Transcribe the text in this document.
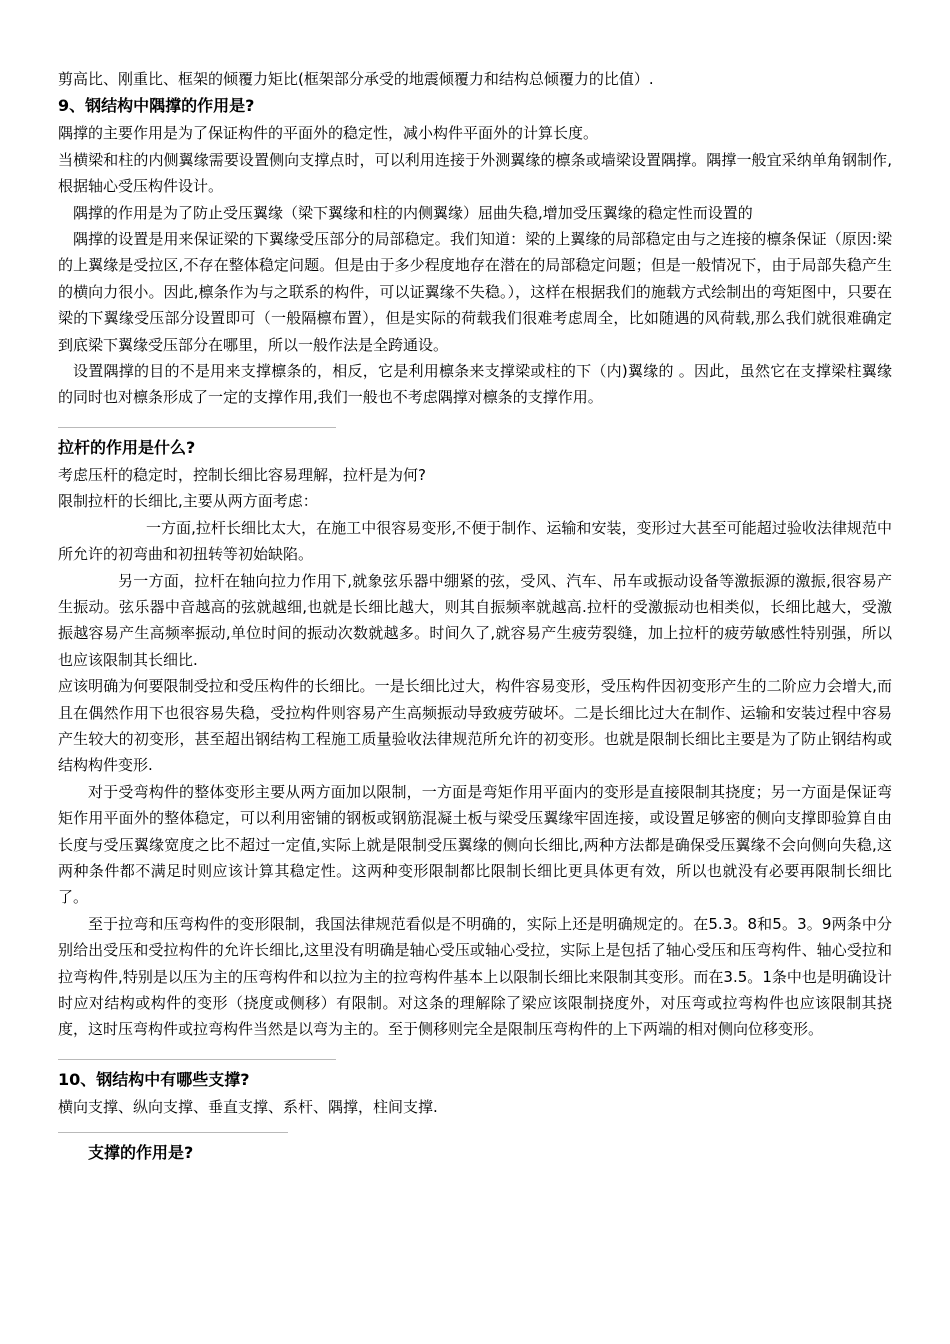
剪高比、刚重比、框架的倾覆力矩比(框架部分承受的地震倾覆力和结构总倾覆力的比值）.

9、钢结构中隅撑的作用是?

隅撑的主要作用是为了保证构件的平面外的稳定性，减小构件平面外的计算长度。

当横梁和柱的内侧翼缘需要设置侧向支撑点时，可以利用连接于外测翼缘的檩条或墙梁设置隅撑。隅撑一般宜采纳单角钢制作,根据轴心受压构件设计。

隅撑的作用是为了防止受压翼缘（梁下翼缘和柱的内侧翼缘）屈曲失稳,增加受压翼缘的稳定性而设置的

隅撑的设置是用来保证梁的下翼缘受压部分的局部稳定。我们知道：梁的上翼缘的局部稳定由与之连接的檩条保证（原因:梁的上翼缘是受拉区,不存在整体稳定问题。但是由于多少程度地存在潜在的局部稳定问题；但是一般情况下，由于局部失稳产生的横向力很小。因此,檩条作为与之联系的构件，可以证翼缘不失稳。），这样在根据我们的施载方式绘制出的弯矩图中，只要在梁的下翼缘受压部分设置即可（一般隔檩布置），但是实际的荷载我们很难考虑周全，比如随遇的风荷载,那么我们就很难确定到底梁下翼缘受压部分在哪里，所以一般作法是全跨通设。

设置隅撑的目的不是用来支撑檩条的，相反，它是利用檩条来支撑梁或柱的下（内)翼缘的 。因此，虽然它在支撑梁柱翼缘的同时也对檩条形成了一定的支撑作用,我们一般也不考虑隅撑对檩条的支撑作用。

拉杆的作用是什么?

考虑压杆的稳定时，控制长细比容易理解，拉杆是为何?

限制拉杆的长细比,主要从两方面考虑：

一方面,拉杆长细比太大，在施工中很容易变形,不便于制作、运输和安装，变形过大甚至可能超过验收法律规范中所允许的初弯曲和初扭转等初始缺陷。

另一方面，拉杆在轴向拉力作用下,就象弦乐器中绷紧的弦，受风、汽车、吊车或振动设备等激振源的激振,很容易产生振动。弦乐器中音越高的弦就越细,也就是长细比越大，则其自振频率就越高.拉杆的受激振动也相类似，长细比越大，受激振越容易产生高频率振动,单位时间的振动次数就越多。时间久了,就容易产生疲劳裂缝，加上拉杆的疲劳敏感性特别强，所以也应该限制其长细比.

应该明确为何要限制受拉和受压构件的长细比。一是长细比过大，构件容易变形，受压构件因初变形产生的二阶应力会增大,而且在偶然作用下也很容易失稳，受拉构件则容易产生高频振动导致疲劳破坏。二是长细比过大在制作、运输和安装过程中容易产生较大的初变形，甚至超出钢结构工程施工质量验收法律规范所允许的初变形。也就是限制长细比主要是为了防止钢结构或结构构件变形.

对于受弯构件的整体变形主要从两方面加以限制，一方面是弯矩作用平面内的变形是直接限制其挠度；另一方面是保证弯矩作用平面外的整体稳定，可以利用密铺的钢板或钢筋混凝土板与梁受压翼缘牢固连接，或设置足够密的侧向支撑即验算自由长度与受压翼缘宽度之比不超过一定值,实际上就是限制受压翼缘的侧向长细比,两种方法都是确保受压翼缘不会向侧向失稳,这两种条件都不满足时则应该计算其稳定性。这两种变形限制都比限制长细比更具体更有效，所以也就没有必要再限制长细比了。

至于拉弯和压弯构件的变形限制，我国法律规范看似是不明确的，实际上还是明确规定的。在5.3。8和5。3。9两条中分别给出受压和受拉构件的允许长细比,这里没有明确是轴心受压或轴心受拉，实际上是包括了轴心受压和压弯构件、轴心受拉和拉弯构件,特别是以压为主的压弯构件和以拉为主的拉弯构件基本上以限制长细比来限制其变形。而在3.5。1条中也是明确设计时应对结构或构件的变形（挠度或侧移）有限制。对这条的理解除了梁应该限制挠度外，对压弯或拉弯构件也应该限制其挠度，这时压弯构件或拉弯构件当然是以弯为主的。至于侧移则完全是限制压弯构件的上下两端的相对侧向位移变形。

10、钢结构中有哪些支撑?

横向支撑、纵向支撑、垂直支撑、系杆、隅撑，柱间支撑.

支撑的作用是?
